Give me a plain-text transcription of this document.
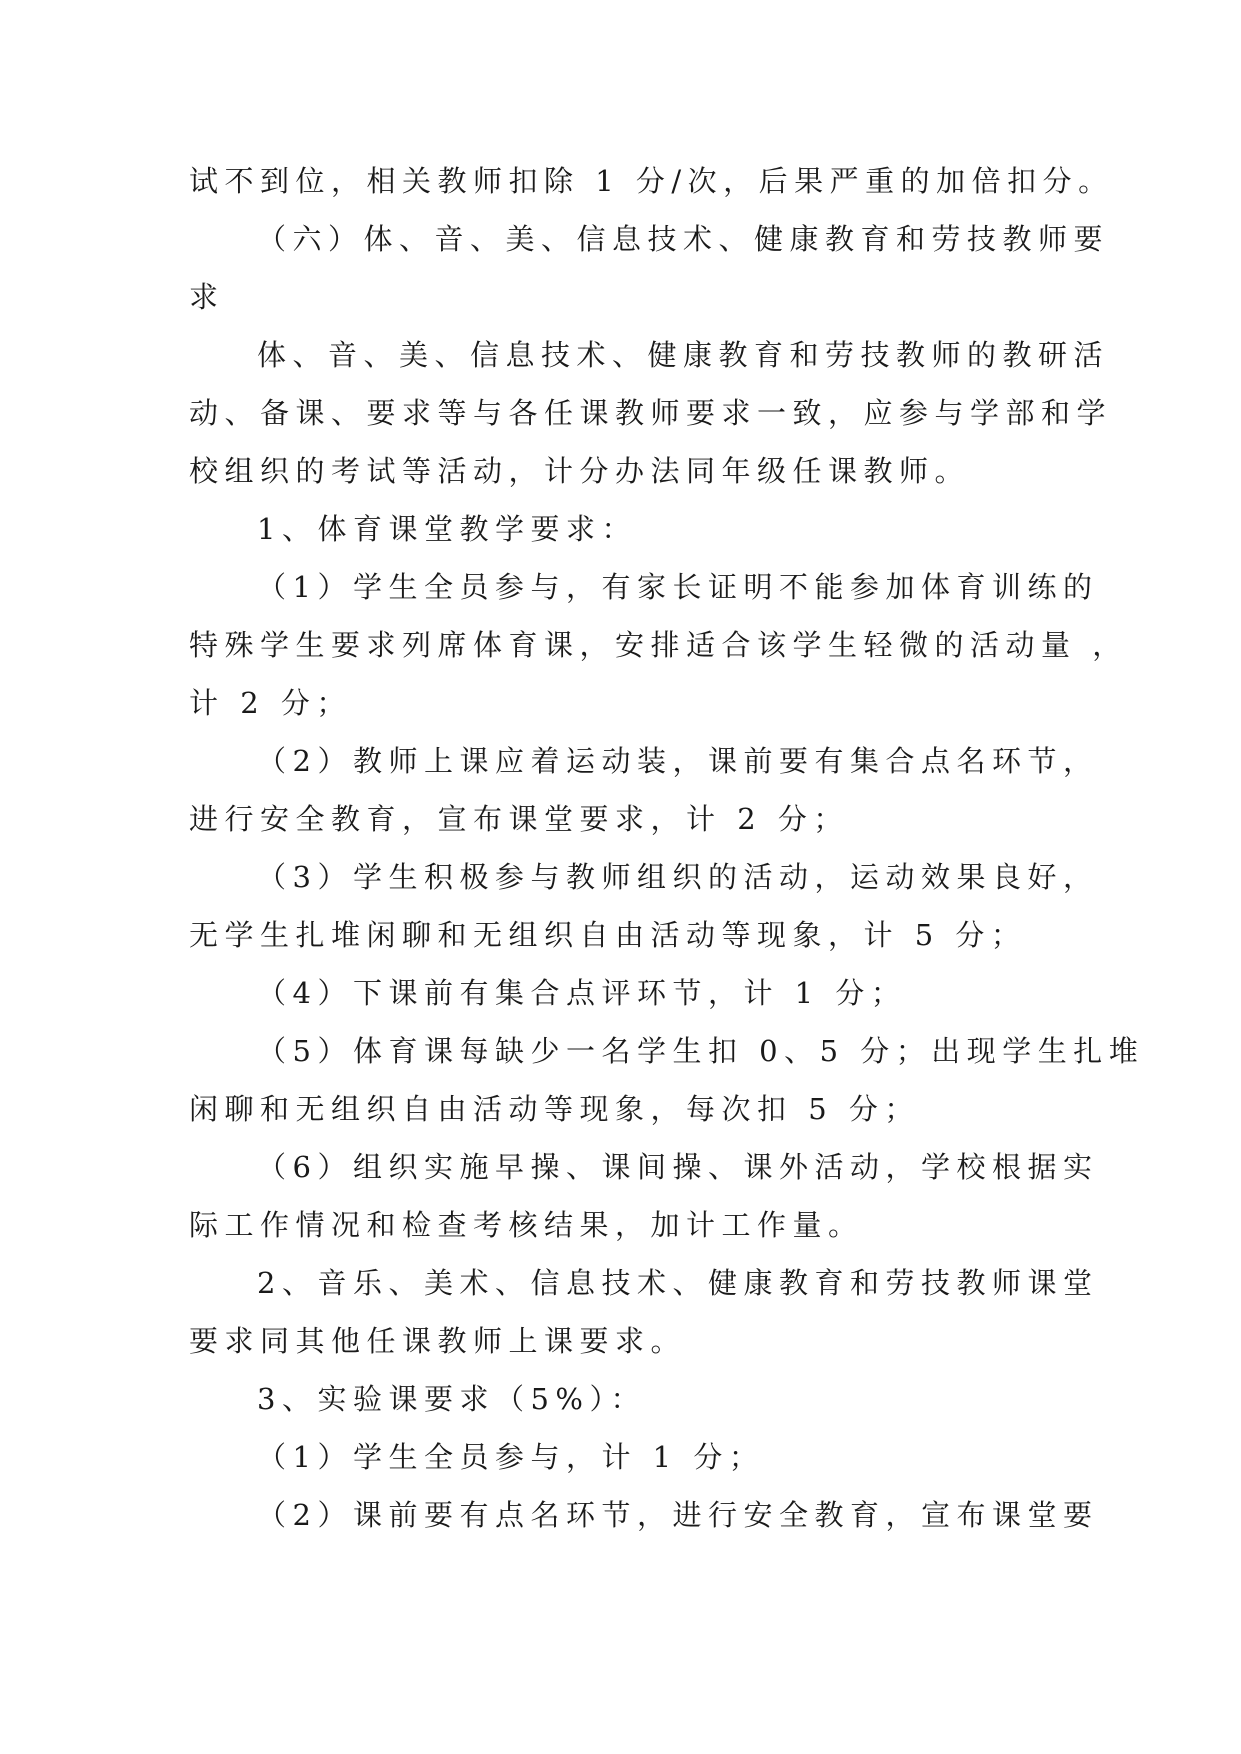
试不到位，相关教师扣除 1 分/次，后果严重的加倍扣分。
（六）体、音、美、信息技术、健康教育和劳技教师要
求
体、音、美、信息技术、健康教育和劳技教师的教研活
动、备课、要求等与各任课教师要求一致，应参与学部和学
校组织的考试等活动，计分办法同年级任课教师。
1、体育课堂教学要求：
（1）学生全员参与，有家长证明不能参加体育训练的
特殊学生要求列席体育课，安排适合该学生轻微的活动量 ，
计 2 分；
（2）教师上课应着运动装，课前要有集合点名环节，
进行安全教育，宣布课堂要求，计 2 分；
（3）学生积极参与教师组织的活动，运动效果良好，
无学生扎堆闲聊和无组织自由活动等现象，计 5 分；
（4）下课前有集合点评环节，计 1 分；
（5）体育课每缺少一名学生扣 0、5 分；出现学生扎堆
闲聊和无组织自由活动等现象，每次扣 5 分；
（6）组织实施早操、课间操、课外活动，学校根据实
际工作情况和检查考核结果，加计工作量。
2、音乐、美术、信息技术、健康教育和劳技教师课堂
要求同其他任课教师上课要求。
3、实验课要求（5%）：
（1）学生全员参与，计 1 分；
（2）课前要有点名环节，进行安全教育，宣布课堂要
